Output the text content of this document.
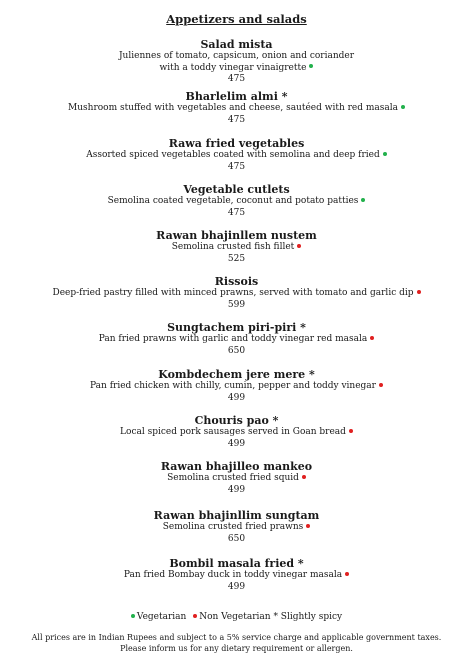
Appetizers and salads
Salad mista
Juliennes of tomato, capsicum, onion and coriander
with a toddy vinegar vinaigrette
475
Bharlelim almi *
Mushroom stuffed with vegetables and cheese, sautéed with red masala
475
Rawa fried vegetables
Assorted spiced vegetables coated with semolina and deep fried
475
Vegetable cutlets
Semolina coated vegetable, coconut and potato patties
475
Rawan bhajinllem nustem
Semolina crusted fish fillet
525
Rissois
Deep-fried pastry filled with minced prawns, served with tomato and garlic dip
599
Sungtachem piri-piri *
Pan fried prawns with garlic and toddy vinegar red masala
650
Kombdechem jere mere *
Pan fried chicken with chilly, cumin, pepper and toddy vinegar
499
Chouris pao *
Local spiced pork sausages served in Goan bread
499
Rawan bhajilleo mankeo
Semolina crusted fried squid
499
Rawan bhajinllim sungtam
Semolina crusted fried prawns
650
Bombil masala fried *
Pan fried Bombay duck in toddy vinegar masala
499
Vegetarian Non Vegetarian * Slightly spicy
All prices are in Indian Rupees and subject to a 5% service charge and applicable government taxes.
Please inform us for any dietary requirement or allergen.
